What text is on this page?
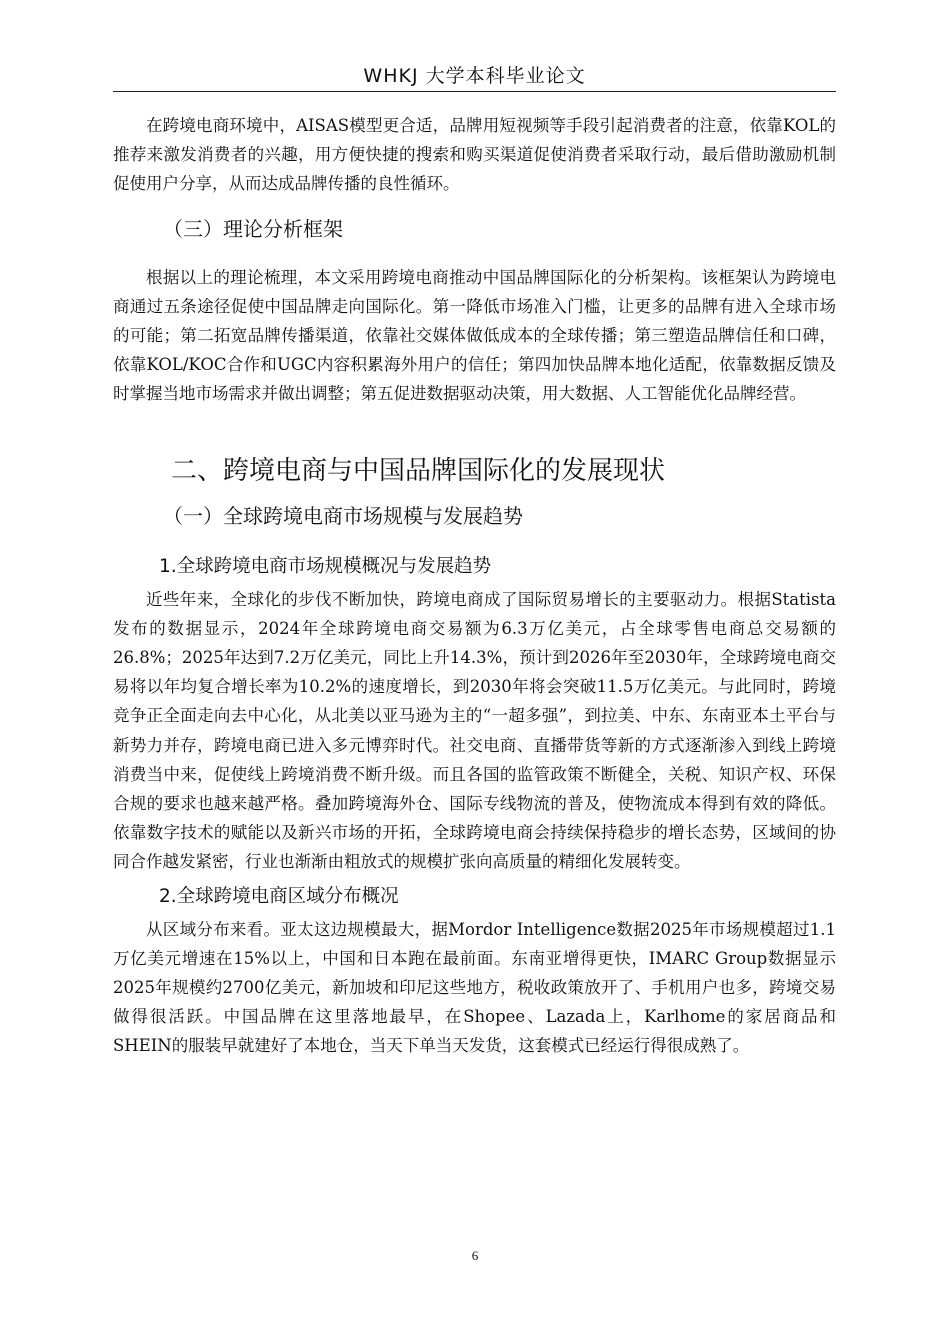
WHKJ 大学本科毕业论文

在跨境电商环境中，AISAS模型更合适，品牌用短视频等手段引起消费者的注意，依靠KOL的推荐来激发消费者的兴趣，用方便快捷的搜索和购买渠道促使消费者采取行动，最后借助激励机制促使用户分享，从而达成品牌传播的良性循环。

（三）理论分析框架

根据以上的理论梳理，本文采用跨境电商推动中国品牌国际化的分析架构。该框架认为跨境电商通过五条途径促使中国品牌走向国际化。第一降低市场准入门槛，让更多的品牌有进入全球市场的可能；第二拓宽品牌传播渠道，依靠社交媒体做低成本的全球传播；第三塑造品牌信任和口碑，依靠KOL/KOC合作和UGC内容积累海外用户的信任；第四加快品牌本地化适配，依靠数据反馈及时掌握当地市场需求并做出调整；第五促进数据驱动决策，用大数据、人工智能优化品牌经营。

二、跨境电商与中国品牌国际化的发展现状
（一）全球跨境电商市场规模与发展趋势
1.全球跨境电商市场规模概况与发展趋势

近些年来，全球化的步伐不断加快，跨境电商成了国际贸易增长的主要驱动力。根据Statista发布的数据显示，2024年全球跨境电商交易额为6.3万亿美元，占全球零售电商总交易额的26.8%；2025年达到7.2万亿美元，同比上升14.3%，预计到2026年至2030年，全球跨境电商交易将以年均复合增长率为10.2%的速度增长，到2030年将会突破11.5万亿美元。与此同时，跨境竞争正全面走向去中心化，从北美以亚马逊为主的“一超多强”，到拉美、中东、东南亚本土平台与新势力并存，跨境电商已进入多元博弈时代。社交电商、直播带货等新的方式逐渐渗入到线上跨境消费当中来，促使线上跨境消费不断升级。而且各国的监管政策不断健全，关税、知识产权、环保合规的要求也越来越严格。叠加跨境海外仓、国际专线物流的普及，使物流成本得到有效的降低。依靠数字技术的赋能以及新兴市场的开拓，全球跨境电商会持续保持稳步的增长态势，区域间的协同合作越发紧密，行业也渐渐由粗放式的规模扩张向高质量的精细化发展转变。

2.全球跨境电商区域分布概况

从区域分布来看。亚太这边规模最大，据Mordor Intelligence数据2025年市场规模超过1.1万亿美元增速在15%以上，中国和日本跑在最前面。东南亚增得更快，IMARC Group数据显示2025年规模约2700亿美元，新加坡和印尼这些地方，税收政策放开了、手机用户也多，跨境交易做得很活跃。中国品牌在这里落地最早，在Shopee、Lazada上，Karlhome的家居商品和SHEIN的服装早就建好了本地仓，当天下单当天发货，这套模式已经运行得很成熟了。

6
